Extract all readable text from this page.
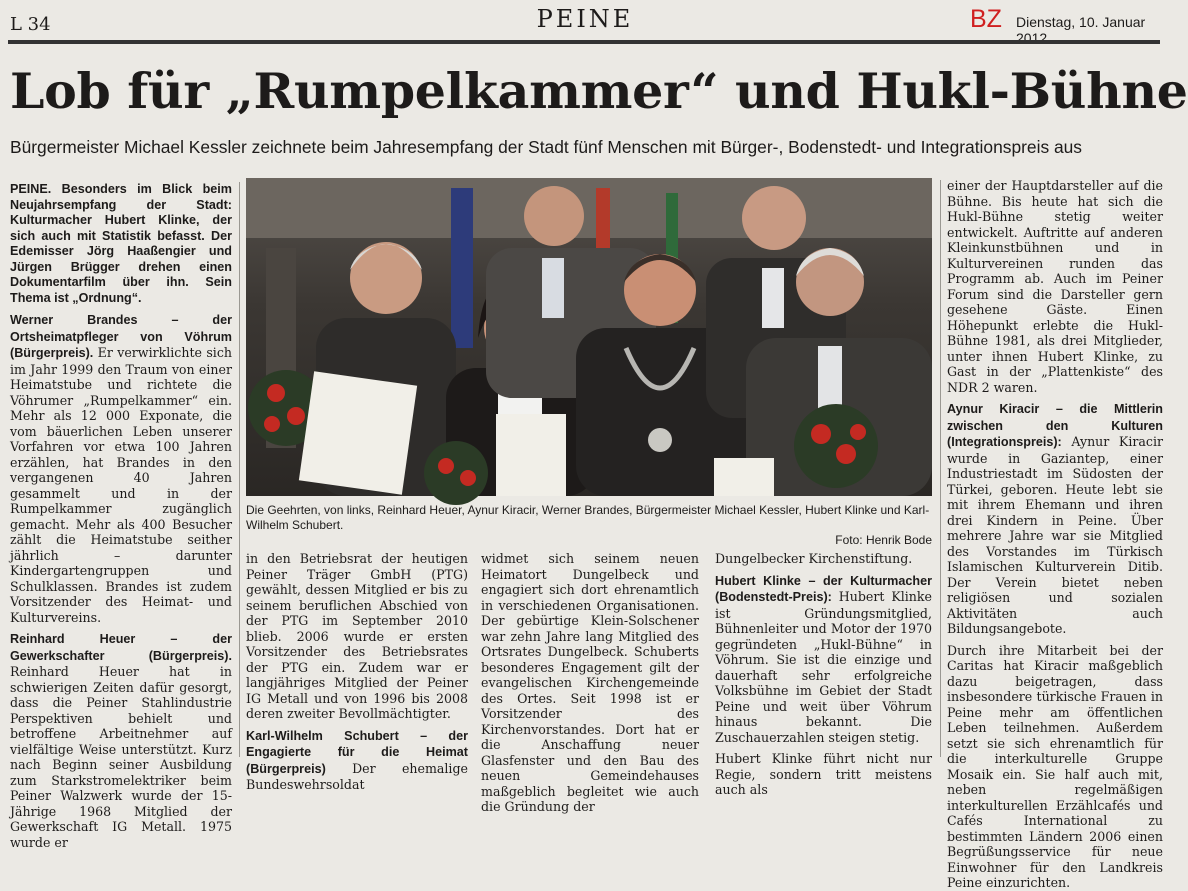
L 34	PEINE	BZ Dienstag, 10. Januar 2012
Lob für „Rumpelkammer“ und Hukl-Bühne
Bürgermeister Michael Kessler zeichnete beim Jahresempfang der Stadt fünf Menschen mit Bürger-, Bodenstedt- und Integrationspreis aus

PEINE. Besonders im Blick beim Neujahrsempfang der Stadt: Kulturmacher Hubert Klinke, der sich auch mit Statistik befasst. Der Edemisser Jörg Haaßengier und Jürgen Brügger drehen einen Dokumentarfilm über ihn. Sein Thema ist „Ordnung“.

Werner Brandes – der Ortsheimatpfleger von Vöhrum (Bürgerpreis). Er verwirklichte sich im Jahr 1999 den Traum von einer Heimatstube und richtete die Vöhrumer „Rumpelkammer“ ein. Mehr als 12 000 Exponate, die vom bäuerlichen Leben unserer Vorfahren vor etwa 100 Jahren erzählen, hat Brandes in den vergangenen 40 Jahren gesammelt und in der Rumpelkammer zugänglich gemacht. Mehr als 400 Besucher zählt die Heimatstube seither jährlich – darunter Kindergartengruppen und Schulklassen. Brandes ist zudem Vorsitzender des Heimat- und Kulturvereins.

Reinhard Heuer – der Gewerkschafter (Bürgerpreis). Reinhard Heuer hat in schwierigen Zeiten dafür gesorgt, dass die Peiner Stahlindustrie Perspektiven behielt und betroffene Arbeitnehmer auf vielfältige Weise unterstützt. Kurz nach Beginn seiner Ausbildung zum Starkstromelektriker beim Peiner Walzwerk wurde der 15-Jährige 1968 Mitglied der Gewerkschaft IG Metall. 1975 wurde er

Die Geehrten, von links, Reinhard Heuer, Aynur Kiracir, Werner Brandes, Bürgermeister Michael Kessler, Hubert Klinke und Karl-Wilhelm Schubert.
Foto: Henrik Bode

in den Betriebsrat der heutigen Peiner Träger GmbH (PTG) gewählt, dessen Mitglied er bis zu seinem beruflichen Abschied von der PTG im September 2010 blieb. 2006 wurde er ersten Vorsitzender des Betriebsrates der PTG ein. Zudem war er langjähriges Mitglied der Peiner IG Metall und von 1996 bis 2008 deren zweiter Bevollmächtigter.

Karl-Wilhelm Schubert – der Engagierte für die Heimat (Bürgerpreis) Der ehemalige Bundeswehrsoldat

widmet sich seinem neuen Heimatort Dungelbeck und engagiert sich dort ehrenamtlich in verschiedenen Organisationen. Der gebürtige Klein-Solschener war zehn Jahre lang Mitglied des Ortsrates Dungelbeck. Schuberts besonderes Engagement gilt der evangelischen Kirchengemeinde des Ortes. Seit 1998 ist er Vorsitzender des Kirchenvorstandes. Dort hat er die Anschaffung neuer Glasfenster und den Bau des neuen Gemeindehauses maßgeblich begleitet wie auch die Gründung der

Dungelbecker Kirchenstiftung.

Hubert Klinke – der Kulturmacher (Bodenstedt-Preis): Hubert Klinke ist Gründungsmitglied, Bühnenleiter und Motor der 1970 gegründeten „Hukl-Bühne“ in Vöhrum. Sie ist die einzige und dauerhaft sehr erfolgreiche Volksbühne im Gebiet der Stadt Peine und weit über Vöhrum hinaus bekannt. Die Zuschauerzahlen steigen stetig.

Hubert Klinke führt nicht nur Regie, sondern tritt meistens auch als

einer der Hauptdarsteller auf die Bühne. Bis heute hat sich die Hukl-Bühne stetig weiter entwickelt. Auftritte auf anderen Kleinkunstbühnen und in Kulturvereinen runden das Programm ab. Auch im Peiner Forum sind die Darsteller gern gesehene Gäste. Einen Höhepunkt erlebte die Hukl-Bühne 1981, als drei Mitglieder, unter ihnen Hubert Klinke, zu Gast in der „Plattenkiste“ des NDR 2 waren.

Aynur Kiracir – die Mittlerin zwischen den Kulturen (Integrationspreis): Aynur Kiracir wurde in Gaziantep, einer Industriestadt im Südosten der Türkei, geboren. Heute lebt sie mit ihrem Ehemann und ihren drei Kindern in Peine. Über mehrere Jahre war sie Mitglied des Vorstandes im Türkisch Islamischen Kulturverein Ditib. Der Verein bietet neben religiösen und sozialen Aktivitäten auch Bildungsangebote.

Durch ihre Mitarbeit bei der Caritas hat Kiracir maßgeblich dazu beigetragen, dass insbesondere türkische Frauen in Peine mehr am öffentlichen Leben teilnehmen. Außerdem setzt sie sich ehrenamtlich für die interkulturelle Gruppe Mosaik ein. Sie half auch mit, neben regelmäßigen interkulturellen Erzählcafés und Cafés International zu bestimmten Ländern 2006 einen Begrüßungsservice für neue Einwohner für den Landkreis Peine einzurichten.
